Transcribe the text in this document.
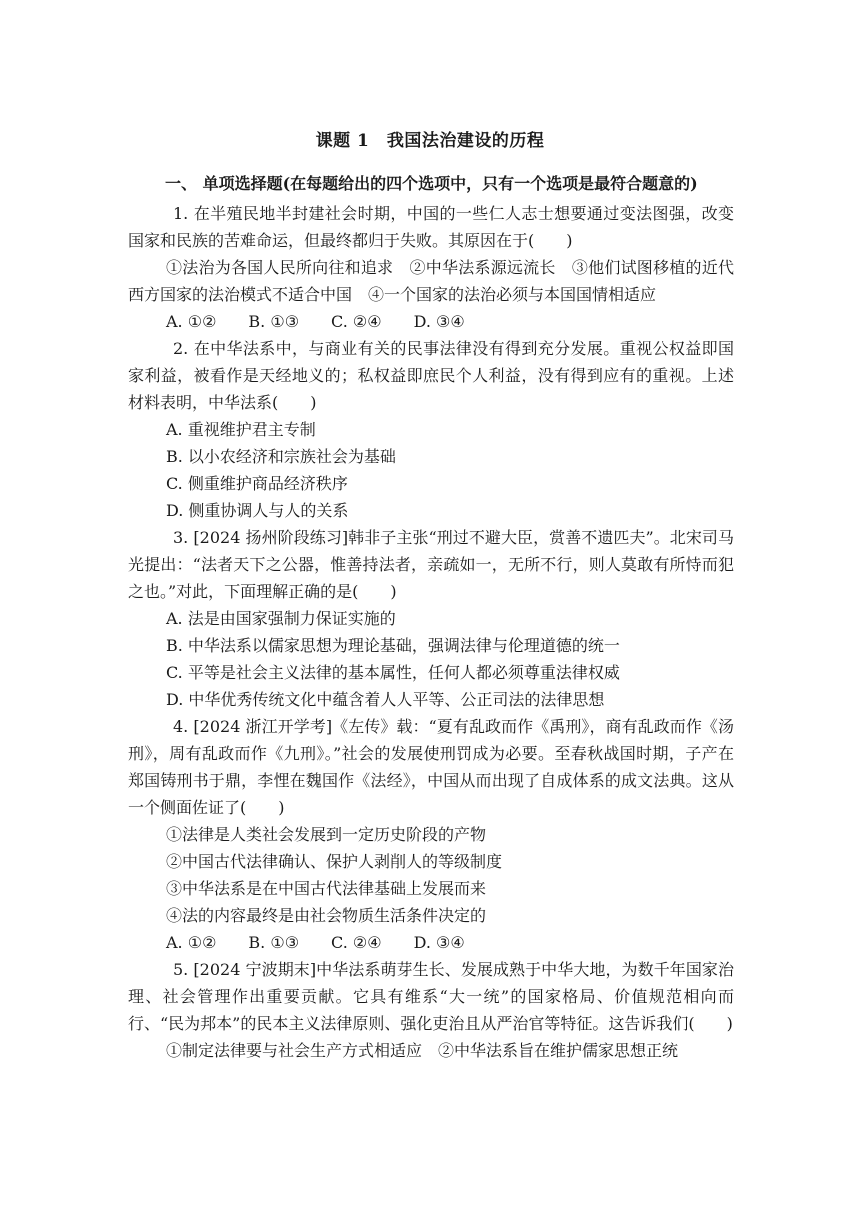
课题 1　我国法治建设的历程
一、 单项选择题(在每题给出的四个选项中，只有一个选项是最符合题意的)

1. 在半殖民地半封建社会时期，中国的一些仁人志士想要通过变法图强，改变国家和民族的苦难命运，但最终都归于失败。其原因在于(　　)

①法治为各国人民所向往和追求　②中华法系源远流长　③他们试图移植的近代西方国家的法治模式不适合中国　④一个国家的法治必须与本国国情相适应

A. ①② B. ①③ C. ②④ D. ③④

2. 在中华法系中，与商业有关的民事法律没有得到充分发展。重视公权益即国家利益，被看作是天经地义的；私权益即庶民个人利益，没有得到应有的重视。上述材料表明，中华法系(　　)

A. 重视维护君主专制

B. 以小农经济和宗族社会为基础

C. 侧重维护商品经济秩序

D. 侧重协调人与人的关系

3. [2024 扬州阶段练习]韩非子主张“刑过不避大臣，赏善不遗匹夫”。北宋司马光提出：“法者天下之公器，惟善持法者，亲疏如一，无所不行，则人莫敢有所恃而犯之也。”对此，下面理解正确的是(　　)

A. 法是由国家强制力保证实施的

B. 中华法系以儒家思想为理论基础，强调法律与伦理道德的统一

C. 平等是社会主义法律的基本属性，任何人都必须尊重法律权威

D. 中华优秀传统文化中蕴含着人人平等、公正司法的法律思想

4. [2024 浙江开学考]《左传》载：“夏有乱政而作《禹刑》，商有乱政而作《汤刑》，周有乱政而作《九刑》。”社会的发展使刑罚成为必要。至春秋战国时期，子产在郑国铸刑书于鼎，李悝在魏国作《法经》，中国从而出现了自成体系的成文法典。这从一个侧面佐证了(　　)

①法律是人类社会发展到一定历史阶段的产物

②中国古代法律确认、保护人剥削人的等级制度

③中华法系是在中国古代法律基础上发展而来

④法的内容最终是由社会物质生活条件决定的

A. ①② B. ①③ C. ②④ D. ③④

5. [2024 宁波期末]中华法系萌芽生长、发展成熟于中华大地，为数千年国家治理、社会管理作出重要贡献。它具有维系“大一统”的国家格局、价值规范相向而行、“民为邦本”的民本主义法律原则、强化吏治且从严治官等特征。这告诉我们(　　)

①制定法律要与社会生产方式相适应　②中华法系旨在维护儒家思想正统
